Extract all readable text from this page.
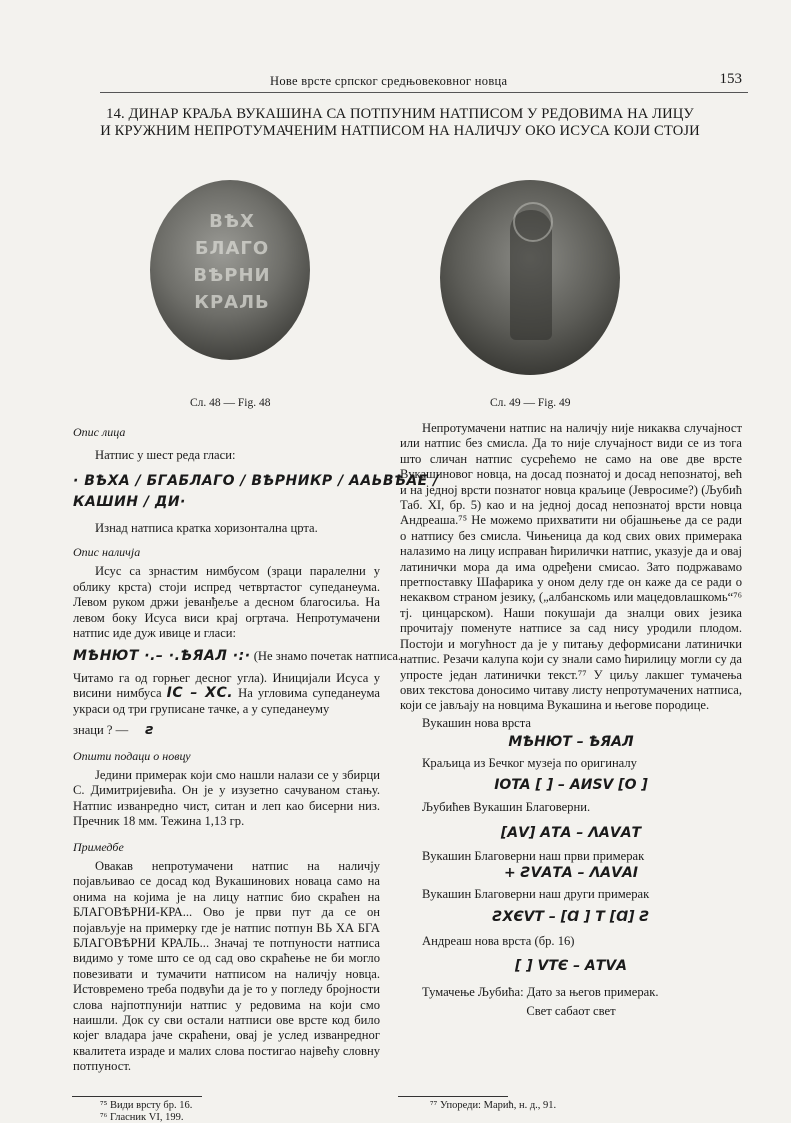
Нове врсте српског средњовековног новца	153
14. ДИНАР КРАЉА ВУКАШИНА СА ПОТПУНИМ НАТПИСОМ У РЕДОВИМА НА ЛИЦУ
И КРУЖНИМ НЕПРОТУМАЧЕНИМ НАТПИСОМ НА НАЛИЧЈУ ОКО ИСУСА КОЈИ СТОЈИ
ВѢХ
БЛАГО
ВѢРНИ
КРАЛЬ
Сл. 48 — Fig. 48	Сл. 49 — Fig. 49

Опис лица

Натпис у шест реда гласи:

· ВѢХА / БГАБЛАГО / ВѢРНИКР / ААЬВѢАЕ /

КАШИН / ДИ·

Изнад натписа кратка хоризонтална црта.

Опис наличја

Исус са зрнастим нимбусом (зраци паралелни у облику крста) стоји испред четвртастог супеданеума. Левом руком држи јеванђеље а десном благосиља. На левом боку Исуса виси крај огртача. Непротумачени натпис иде дуж ивице и гласи:

МѢНЮТ ·.– ·.ѢЯАЛ ·:· (Не знамо почетак натписа.

Читамо га од горњег десног угла). Иницијали Исуса у висини нимбуса IC – ХC. На угловима супеданеума украси од три груписане тачке, а у супеданеуму

знаци ? — ƨ

Општи подаци о новцу

Једини примерак који смо нашли налази се у збирци С. Димитријевића. Он је у изузетно сачуваном стању. Натпис изванредно чист, ситан и леп као бисерни низ. Пречник 18 мм. Тежина 1,13 гр.

Примедбе

Овакав непротумачени натпис на наличју појављивао се досад код Вукашинових новаца само на онима на којима је на лицу натпис био скраћен на БЛАГОВѢРНИ-КРА... Ово је први пут да се он појављује на примерку где је натпис потпун ВЬ ХА БГА БЛАГОВѢРНИ КРАЛЬ... Значај те потпуности натписа видимо у томе што се од сад ово скраћење не би могло повезивати и тумачити натписом на наличју новца. Истовремено треба подвући да је то у погледу бројности слова најпотпунији натпис у редовима на који смо наишли. Док су сви остали натписи ове врсте код било којег владара јаче скраћени, овај је услед изванредног квалитета израде и малих слова постигао највећу словну потпуност.

⁷⁵ Види врсту бр. 16.
⁷⁶ Гласник VI, 199.

Непротумачени натпис на наличју није никаква случајност или натпис без смисла. Да то није случајност види се из тога што сличан натпис сусрећемо не само на ове две врсте Вукашиновог новца, на досад познатој и досад непознатој, већ и на једној врсти познатог новца краљице (Јевросиме?) (Љубић Таб. XI, бр. 5) као и на једној досад непознатој врсти новца Андреаша.⁷⁵ Не можемо прихватити ни објашњење да се ради о натпису без смисла. Чињеница да код свих ових примерака налазимо на лицу исправан ћирилички натпис, указује да и овај латинички мора да има одређени смисао. Зато подржавамо претпоставку Шафарика у оном делу где он каже да се ради о некаквом страном језику, („албанскомь или мацедовлашкомь“⁷⁶ тј. цинцарском). Наши покушаји да зналци ових језика прочитају поменуте натписе за сад нису уродили плодом. Постоји и могућност да је у питању деформисани латинички натпис. Резачи калупа који су знали само ћирилицу могли су да упросте један латинички текст.⁷⁷ У циљу лакшег тумачења ових текстова доносимо читаву листу непротумачених натписа, који се јављају на новцима Вукашина и његове породице.

Вукашин нова врста

МѢНЮТ – ѢЯАЛ

Краљица из Бечког музеја по оригиналу

IOTA [ ] – ΑИSV [O ]

Љубићев Вукашин Благоверни.

[ΑV] ΑТΑ – ΛΑVΑТ

Вукашин Благоверни наш први примерак

+ ƧVΑТΑ – ΛΑVΑI

Вукашин Благоверни наш други примерак

ƧXЄVТ – [Ɑ ] Т [Ɑ] Ƨ

Андреаш нова врста (бр. 16)

[ ] VТЄ – ΑТVΑ

Тумачење Љубића: Дато за његов примерак.

Свет сабаот свет

⁷⁷ Упореди: Марић, н. д., 91.
